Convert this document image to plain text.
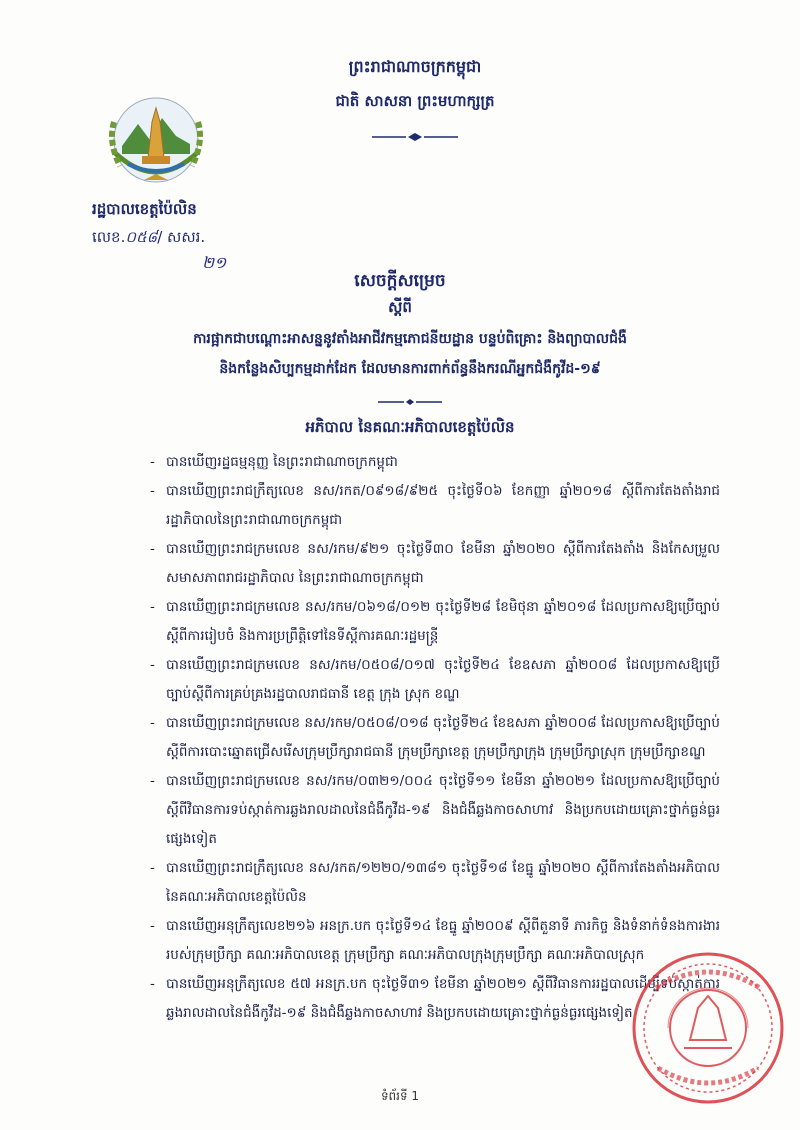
ព្រះរាជាណាចក្រកម្ពុជា
ជាតិ សាសនា ព្រះមហាក្សត្រ
រដ្ឋបាលខេត្តប៉ៃលិន
លេខ.០៥៨/ សសរ.
២១
សេចក្ដីសម្រេច
ស្ដីពី
ការផ្អាកជាបណ្ដោះអាសន្ននូវតាំងអាជីវកម្មភោជនីយដ្ឋាន បន្ទប់ពិគ្រោះ និងព្យាបាលជំងឺ
និងកន្លែងសិប្បកម្មដាក់ដែក ដែលមានការពាក់ព័ន្ធនឹងករណីអ្នកជំងឺកូវីដ-១៩
អភិបាល នៃគណៈអភិបាលខេត្តប៉ៃលិន
- បានឃើញរដ្ឋធម្មនុញ្ញ នៃព្រះរាជាណាចក្រកម្ពុជា
- បានឃើញព្រះរាជក្រឹត្យលេខ នស/រកត/០៩១៨/៩២៥ ចុះថ្ងៃទី០៦ ខែកញ្ញា ឆ្នាំ២០១៨ ស្ដីពីការតែងតាំងរាជរដ្ឋាភិបាលនៃព្រះរាជាណាចក្រកម្ពុជា
- បានឃើញព្រះរាជក្រមលេខ នស/រកម/៩២១ ចុះថ្ងៃទី៣០ ខែមីនា ឆ្នាំ២០២០ ស្ដីពីការតែងតាំង និងកែសម្រួលសមាសភាពរាជរដ្ឋាភិបាល នៃព្រះរាជាណាចក្រកម្ពុជា
- បានឃើញព្រះរាជក្រមលេខ នស/រកម/០៦១៨/០១២ ចុះថ្ងៃទី២៨ ខែមិថុនា ឆ្នាំ២០១៨ ដែលប្រកាសឱ្យប្រើច្បាប់ស្ដីពីការរៀបចំ និងការប្រព្រឹត្តិទៅនៃទីស្ដីការគណៈរដ្ឋមន្ត្រី
- បានឃើញព្រះរាជក្រមលេខ នស/រកម/០៥០៨/០១៧ ចុះថ្ងៃទី២៤ ខែឧសភា ឆ្នាំ២០០៨ ដែលប្រកាសឱ្យប្រើច្បាប់ស្ដីពីការគ្រប់គ្រងរដ្ឋបាលរាជធានី ខេត្ត ក្រុង ស្រុក ខណ្ឌ
- បានឃើញព្រះរាជក្រមលេខ នស/រកម/០៥០៨/០១៨ ចុះថ្ងៃទី២៤ ខែឧសភា ឆ្នាំ២០០៨ ដែលប្រកាសឱ្យប្រើច្បាប់ស្ដីពីការបោះឆ្នោតជ្រើសរើសក្រុមប្រឹក្សារាជធានី ក្រុមប្រឹក្សាខេត្ត ក្រុមប្រឹក្សាក្រុង ក្រុមប្រឹក្សាស្រុក ក្រុមប្រឹក្សាខណ្ឌ
- បានឃើញព្រះរាជក្រមលេខ នស/រកម/០៣២១/០០៤ ចុះថ្ងៃទី១១ ខែមីនា ឆ្នាំ២០២១ ដែលប្រកាសឱ្យប្រើច្បាប់ស្ដីពីវិធានការទប់ស្កាត់ការឆ្លងរាលដាលនៃជំងឺកូវីដ-១៩ និងជំងឺឆ្លងកាចសាហាវ និងប្រកបដោយគ្រោះថ្នាក់ធ្ងន់ធ្ងរផ្សេងទៀត
- បានឃើញព្រះរាជក្រឹត្យលេខ នស/រកត/១២២០/១៣៨១ ចុះថ្ងៃទី១៨ ខែធ្នូ ឆ្នាំ២០២០ ស្ដីពីការតែងតាំងអភិបាលនៃគណៈអភិបាលខេត្តប៉ៃលិន
- បានឃើញអនុក្រឹត្យលេខ២១៦ អនក្រ.បក ចុះថ្ងៃទី១៤ ខែធ្នូ ឆ្នាំ២០០៩ ស្ដីពីតួនាទី ភារកិច្ច និងទំនាក់ទំនងការងាររបស់ក្រុមប្រឹក្សា គណៈអភិបាលខេត្ត ក្រុមប្រឹក្សា គណៈអភិបាលក្រុងក្រុមប្រឹក្សា គណៈអភិបាលស្រុក
- បានឃើញអនុក្រឹត្យលេខ ៥៧ អនក្រ.បក ចុះថ្ងៃទី៣១ ខែមីនា ឆ្នាំ២០២១ ស្ដីពីវិធានការរដ្ឋបាលដើម្បីទប់ស្កាត់ការឆ្លងរាលដាលនៃជំងឺកូវីដ-១៩ និងជំងឺឆ្លងកាចសាហាវ និងប្រកបដោយគ្រោះថ្នាក់ធ្ងន់ធ្ងរផ្សេងទៀត
ទំព័រទី 1
